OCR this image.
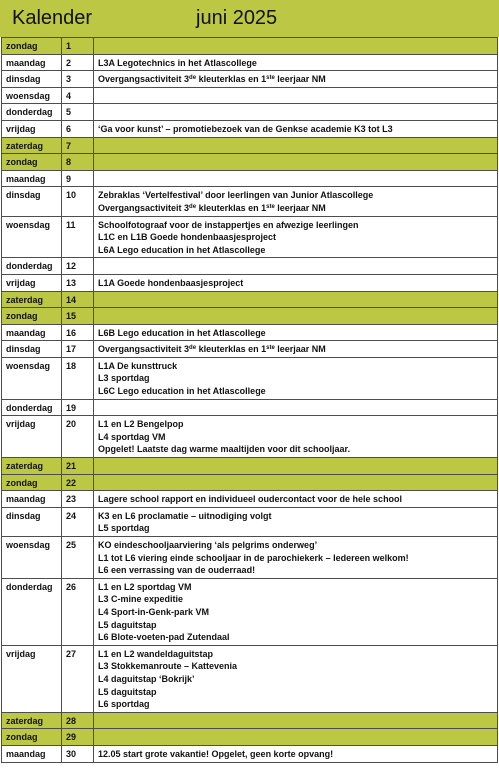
Kalender	juni 2025
zondag	1	
maandag	2	L3A Legotechnics in het Atlascollege

dinsdag	3	Overgangsactiviteit 3de kleuterklas en 1ste leerjaar NM

woensdag	4	
donderdag	5	
vrijdag	6	‘Ga voor kunst’ – promotiebezoek van de Genkse academie K3 tot L3

zaterdag	7	
zondag	8	
maandag	9	
dinsdag	10	Zebraklas ‘Vertelfestival’ door leerlingen van Junior Atlascollege
Overgangsactiviteit 3de kleuterklas en 1ste leerjaar NM

woensdag	11	Schoolfotograaf voor de instappertjes en afwezige leerlingen
L1C en L1B Goede hondenbaasjesproject
L6A Lego education in het Atlascollege

donderdag	12	
vrijdag	13	L1A Goede hondenbaasjesproject

zaterdag	14	
zondag	15	
maandag	16	L6B Lego education in het Atlascollege

dinsdag	17	Overgangsactiviteit 3de kleuterklas en 1ste leerjaar NM

woensdag	18	L1A De kunsttruck
L3 sportdag
L6C Lego education in het Atlascollege

donderdag	19	
vrijdag	20	L1 en L2 Bengelpop
L4 sportdag VM
Opgelet! Laatste dag warme maaltijden voor dit schooljaar.

zaterdag	21	
zondag	22	
maandag	23	Lagere school rapport en individueel oudercontact voor de hele school

dinsdag	24	K3 en L6 proclamatie – uitnodiging volgt
L5 sportdag

woensdag	25	KO eindeschooljaarviering ‘als pelgrims onderweg’
L1 tot L6 viering einde schooljaar in de parochiekerk – Iedereen welkom!
L6 een verrassing van de ouderraad!

donderdag	26	L1 en L2 sportdag VM
L3 C-mine expeditie
L4 Sport-in-Genk-park VM
L5 daguitstap
L6 Blote-voeten-pad Zutendaal

vrijdag	27	L1 en L2 wandeldaguitstap
L3 Stokkemanroute – Kattevenia
L4 daguitstap ‘Bokrijk’
L5 daguitstap
L6 sportdag

zaterdag	28	
zondag	29	
maandag	30	12.05 start grote vakantie! Opgelet, geen korte opvang!
